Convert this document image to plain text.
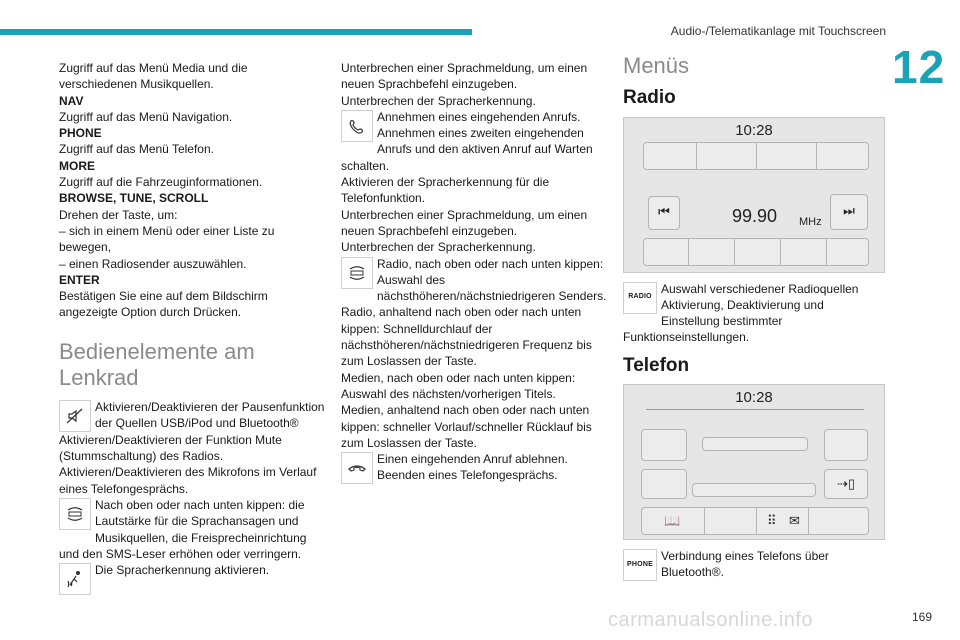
Audio-/Telematikanlage mit Touchscreen
12

Zugriff auf das Menü Media und die verschiedenen Musikquellen.

NAV

Zugriff auf das Menü Navigation.

PHONE

Zugriff auf das Menü Telefon.

MORE

Zugriff auf die Fahrzeuginformationen.

BROWSE, TUNE, SCROLL

Drehen der Taste, um:

– sich in einem Menü oder einer Liste zu bewegen,

– einen Radiosender auszuwählen.

ENTER

Bestätigen Sie eine auf dem Bildschirm angezeigte Option durch Drücken.

Bedienelemente am Lenkrad

Aktivieren/Deaktivieren der Pausenfunktion der Quellen USB/iPod und Bluetooth®

Aktivieren/Deaktivieren der Funktion Mute (Stummschaltung) des Radios.

Aktivieren/Deaktivieren des Mikrofons im Verlauf eines Telefongesprächs.

Nach oben oder nach unten kippen: die Lautstärke für die Sprachansagen und Musikquellen, die Freisprecheinrichtung und den SMS-Leser erhöhen oder verringern.

Die Spracherkennung aktivieren.

Unterbrechen einer Sprachmeldung, um einen neuen Sprachbefehl einzugeben.

Unterbrechen der Spracherkennung.

Annehmen eines eingehenden Anrufs.

Annehmen eines zweiten eingehenden Anrufs und den aktiven Anruf auf Warten schalten.

Aktivieren der Spracherkennung für die Telefonfunktion.

Unterbrechen einer Sprachmeldung, um einen neuen Sprachbefehl einzugeben.

Unterbrechen der Spracherkennung.

Radio, nach oben oder nach unten kippen: Auswahl des nächsthöheren/nächstniedrigeren Senders.

Radio, anhaltend nach oben oder nach unten kippen: Schnelldurchlauf der nächsthöheren/nächstniedrigeren Frequenz bis zum Loslassen der Taste.

Medien, nach oben oder nach unten kippen: Auswahl des nächsten/vorherigen Titels.

Medien, anhaltend nach oben oder nach unten kippen: schneller Vorlauf/schneller Rücklauf bis zum Loslassen der Taste.

Einen eingehenden Anruf ablehnen.

Beenden eines Telefongesprächs.

Menüs
Radio
10:28
⏮	99.90 MHz
⏭
RADIO

Auswahl verschiedener Radioquellen Aktivierung, Deaktivierung und Einstellung bestimmter Funktionseinstellungen.

Telefon
10:28
⇢▯
📖	⠿ ✉
PHONE

Verbindung eines Telefons über Bluetooth®.

carmanualsonline.info	169
